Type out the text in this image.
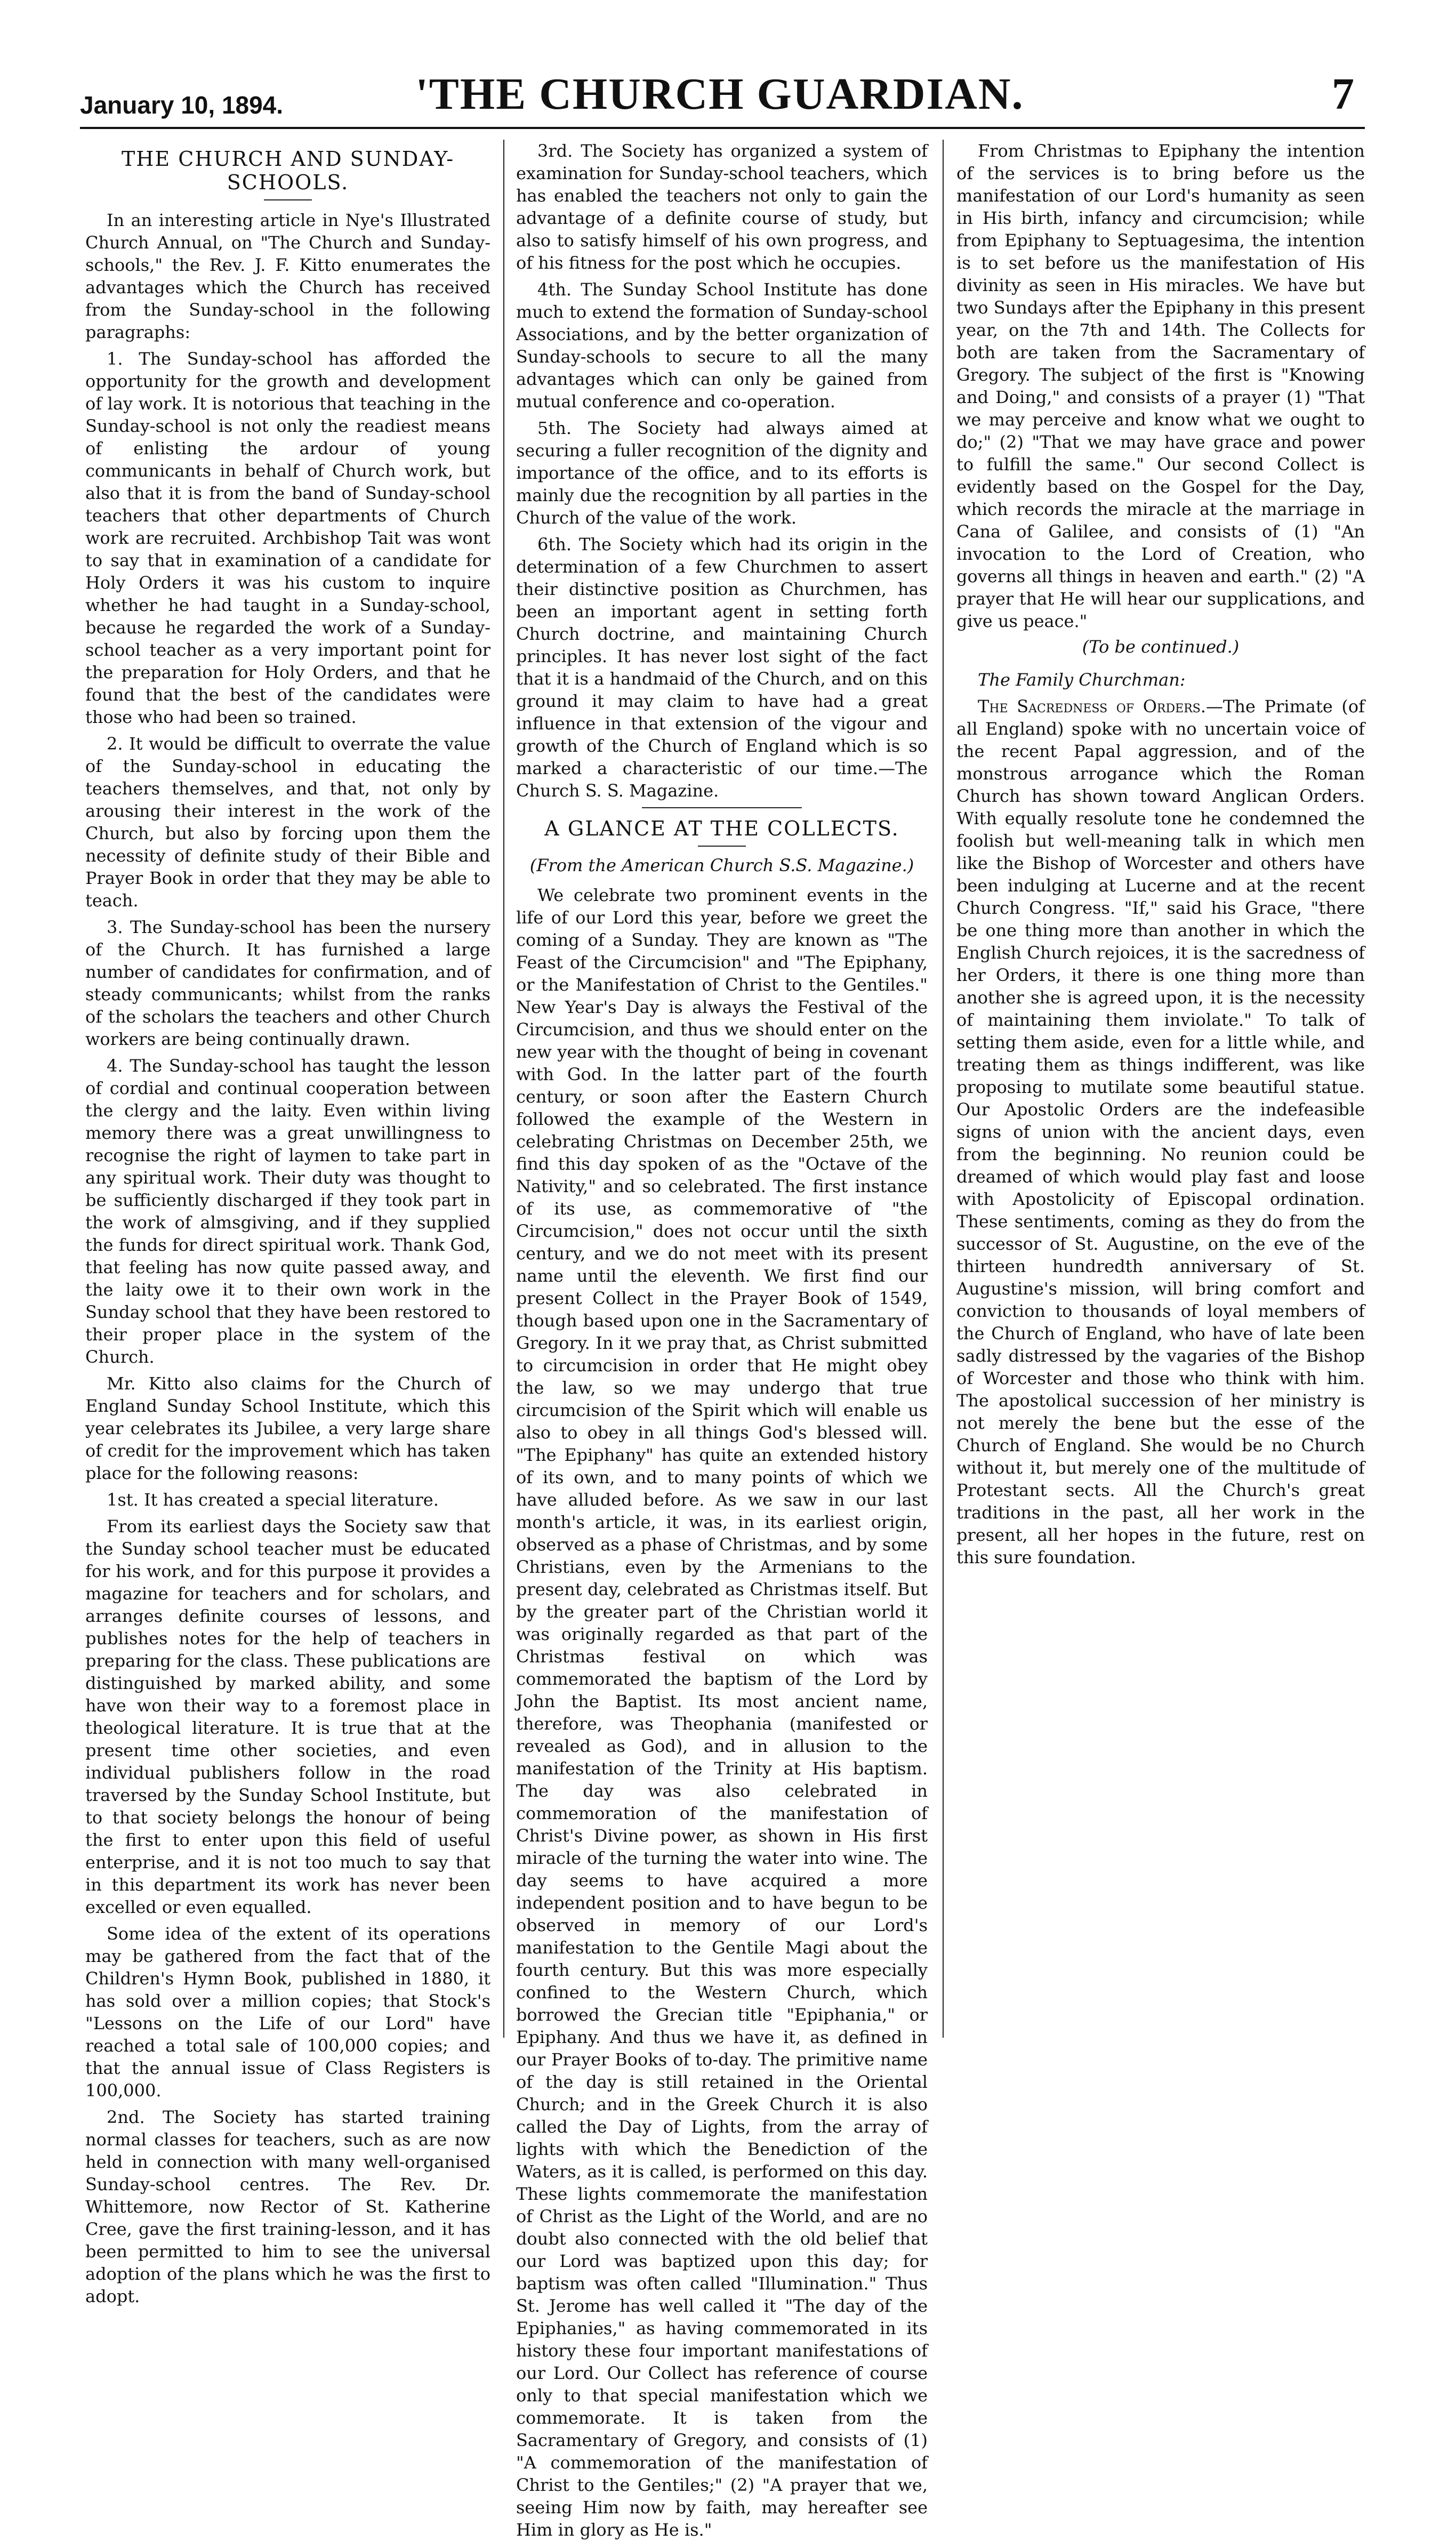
January 10, 1894.	'THE CHURCH GUARDIAN.	7
THE CHURCH AND SUNDAY-SCHOOLS.

In an interesting article in Nye's Illustrated Church Annual, on "The Church and Sunday-schools," the Rev. J. F. Kitto enumerates the advantages which the Church has received from the Sunday-school in the following paragraphs:

1. The Sunday-school has afforded the opportunity for the growth and development of lay work. It is notorious that teaching in the Sunday-school is not only the readiest means of enlisting the ardour of young communicants in behalf of Church work, but also that it is from the band of Sunday-school teachers that other departments of Church work are recruited. Archbishop Tait was wont to say that in examination of a candidate for Holy Orders it was his custom to inquire whether he had taught in a Sunday-school, because he regarded the work of a Sunday-school teacher as a very important point for the preparation for Holy Orders, and that he found that the best of the candidates were those who had been so trained.

2. It would be difficult to overrate the value of the Sunday-school in educating the teachers themselves, and that, not only by arousing their interest in the work of the Church, but also by forcing upon them the necessity of definite study of their Bible and Prayer Book in order that they may be able to teach.

3. The Sunday-school has been the nursery of the Church. It has furnished a large number of candidates for confirmation, and of steady communicants; whilst from the ranks of the scholars the teachers and other Church workers are being continually drawn.

4. The Sunday-school has taught the lesson of cordial and continual cooperation between the clergy and the laity. Even within living memory there was a great unwillingness to recognise the right of laymen to take part in any spiritual work. Their duty was thought to be sufficiently discharged if they took part in the work of almsgiving, and if they supplied the funds for direct spiritual work. Thank God, that feeling has now quite passed away, and the laity owe it to their own work in the Sunday school that they have been restored to their proper place in the system of the Church.

Mr. Kitto also claims for the Church of England Sunday School Institute, which this year celebrates its Jubilee, a very large share of credit for the improvement which has taken place for the following reasons:

1st. It has created a special literature.

From its earliest days the Society saw that the Sunday school teacher must be educated for his work, and for this purpose it provides a magazine for teachers and for scholars, and arranges definite courses of lessons, and publishes notes for the help of teachers in preparing for the class. These publications are distinguished by marked ability, and some have won their way to a foremost place in theological literature. It is true that at the present time other societies, and even individual publishers follow in the road traversed by the Sunday School Institute, but to that society belongs the honour of being the first to enter upon this field of useful enterprise, and it is not too much to say that in this department its work has never been excelled or even equalled.

Some idea of the extent of its operations may be gathered from the fact that of the Children's Hymn Book, published in 1880, it has sold over a million copies; that Stock's "Lessons on the Life of our Lord" have reached a total sale of 100,000 copies; and that the annual issue of Class Registers is 100,000.

2nd. The Society has started training normal classes for teachers, such as are now held in connection with many well-organised Sunday-school centres. The Rev. Dr. Whittemore, now Rector of St. Katherine Cree, gave the first training-lesson, and it has been permitted to him to see the universal adoption of the plans which he was the first to adopt.

3rd. The Society has organized a system of examination for Sunday-school teachers, which has enabled the teachers not only to gain the advantage of a definite course of study, but also to satisfy himself of his own progress, and of his fitness for the post which he occupies.

4th. The Sunday School Institute has done much to extend the formation of Sunday-school Associations, and by the better organization of Sunday-schools to secure to all the many advantages which can only be gained from mutual conference and co-operation.

5th. The Society had always aimed at securing a fuller recognition of the dignity and importance of the office, and to its efforts is mainly due the recognition by all parties in the Church of the value of the work.

6th. The Society which had its origin in the determination of a few Churchmen to assert their distinctive position as Churchmen, has been an important agent in setting forth Church doctrine, and maintaining Church principles. It has never lost sight of the fact that it is a handmaid of the Church, and on this ground it may claim to have had a great influence in that extension of the vigour and growth of the Church of England which is so marked a characteristic of our time.—The Church S. S. Magazine.

A GLANCE AT THE COLLECTS.
(From the American Church S.S. Magazine.)

We celebrate two prominent events in the life of our Lord this year, before we greet the coming of a Sunday. They are known as "The Feast of the Circumcision" and "The Epiphany, or the Manifestation of Christ to the Gentiles." New Year's Day is always the Festival of the Circumcision, and thus we should enter on the new year with the thought of being in covenant with God. In the latter part of the fourth century, or soon after the Eastern Church followed the example of the Western in celebrating Christmas on December 25th, we find this day spoken of as the "Octave of the Nativity," and so celebrated. The first instance of its use, as commemorative of "the Circumcision," does not occur until the sixth century, and we do not meet with its present name until the eleventh. We first find our present Collect in the Prayer Book of 1549, though based upon one in the Sacramentary of Gregory. In it we pray that, as Christ submitted to circumcision in order that He might obey the law, so we may undergo that true circumcision of the Spirit which will enable us also to obey in all things God's blessed will. "The Epiphany" has quite an extended history of its own, and to many points of which we have alluded before. As we saw in our last month's article, it was, in its earliest origin, observed as a phase of Christmas, and by some Christians, even by the Armenians to the present day, celebrated as Christmas itself. But by the greater part of the Christian world it was originally regarded as that part of the Christmas festival on which was commemorated the baptism of the Lord by John the Baptist. Its most ancient name, therefore, was Theophania (manifested or revealed as God), and in allusion to the manifestation of the Trinity at His baptism. The day was also celebrated in commemoration of the manifestation of Christ's Divine power, as shown in His first miracle of the turning the water into wine. The day seems to have acquired a more independent position and to have begun to be observed in memory of our Lord's manifestation to the Gentile Magi about the fourth century. But this was more especially confined to the Western Church, which borrowed the Grecian title "Epiphania," or Epiphany. And thus we have it, as defined in our Prayer Books of to-day. The primitive name of the day is still retained in the Oriental Church; and in the Greek Church it is also called the Day of Lights, from the array of lights with which the Benediction of the Waters, as it is called, is performed on this day. These lights commemorate the manifestation of Christ as the Light of the World, and are no doubt also connected with the old belief that our Lord was baptized upon this day; for baptism was often called "Illumination." Thus St. Jerome has well called it "The day of the Epiphanies," as having commemorated in its history these four important manifestations of our Lord. Our Collect has reference of course only to that special manifestation which we commemorate. It is taken from the Sacramentary of Gregory, and consists of (1) "A commemoration of the manifestation of Christ to the Gentiles;" (2) "A prayer that we, seeing Him now by faith, may hereafter see Him in glory as He is."

From Christmas to Epiphany the intention of the services is to bring before us the manifestation of our Lord's humanity as seen in His birth, infancy and circumcision; while from Epiphany to Septuagesima, the intention is to set before us the manifestation of His divinity as seen in His miracles. We have but two Sundays after the Epiphany in this present year, on the 7th and 14th. The Collects for both are taken from the Sacramentary of Gregory. The subject of the first is "Knowing and Doing," and consists of a prayer (1) "That we may perceive and know what we ought to do;" (2) "That we may have grace and power to fulfill the same." Our second Collect is evidently based on the Gospel for the Day, which records the miracle at the marriage in Cana of Galilee, and consists of (1) "An invocation to the Lord of Creation, who governs all things in heaven and earth." (2) "A prayer that He will hear our supplications, and give us peace."

(To be continued.)
The Family Churchman:

The Sacredness of Orders.—The Primate (of all England) spoke with no uncertain voice of the recent Papal aggression, and of the monstrous arrogance which the Roman Church has shown toward Anglican Orders. With equally resolute tone he condemned the foolish but well-meaning talk in which men like the Bishop of Worcester and others have been indulging at Lucerne and at the recent Church Congress. "If," said his Grace, "there be one thing more than another in which the English Church rejoices, it is the sacredness of her Orders, it there is one thing more than another she is agreed upon, it is the necessity of maintaining them inviolate." To talk of setting them aside, even for a little while, and treating them as things indifferent, was like proposing to mutilate some beautiful statue. Our Apostolic Orders are the indefeasible signs of union with the ancient days, even from the beginning. No reunion could be dreamed of which would play fast and loose with Apostolicity of Episcopal ordination. These sentiments, coming as they do from the successor of St. Augustine, on the eve of the thirteen hundredth anniversary of St. Augustine's mission, will bring comfort and conviction to thousands of loyal members of the Church of England, who have of late been sadly distressed by the vagaries of the Bishop of Worcester and those who think with him. The apostolical succession of her ministry is not merely the bene but the esse of the Church of England. She would be no Church without it, but merely one of the multitude of Protestant sects. All the Church's great traditions in the past, all her work in the present, all her hopes in the future, rest on this sure foundation.
